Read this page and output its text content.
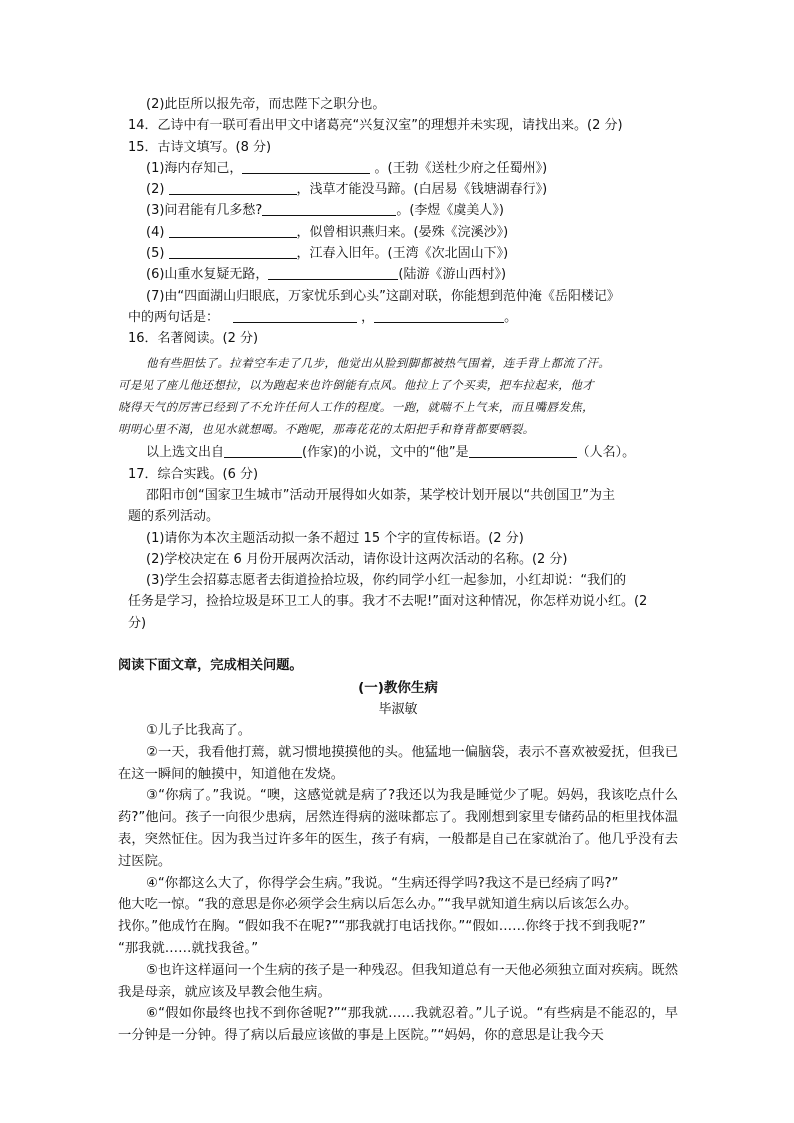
(2)此臣所以报先帝，而忠陛下之职分也。
14．乙诗中有一联可看出甲文中诸葛亮“兴复汉室”的理想并未实现，请找出来。(2 分)
15．古诗文填写。(8 分)
(1)海内存知己，	。(王勃《送杜少府之任蜀州》)
(2)	，浅草才能没马蹄。(白居易《钱塘湖春行》)
(3)问君能有几多愁?	。(李煜《虞美人》)
(4)	，似曾相识燕归来。(晏殊《浣溪沙》)
(5)	，江春入旧年。(王湾《次北固山下》)
(6)山重水复疑无路，	(陆游《游山西村》)
(7)由“四面湖山归眼底，万家忧乐到心头”这副对联，你能想到范仲淹《岳阳楼记》
中的两句话是：	，	。
16．名著阅读。(2 分)
他有些胆怯了。拉着空车走了几步，他觉出从脸到脚都被热气围着，连手背上都流了汗。
可是见了座儿他还想拉，以为跑起来也许倒能有点风。他拉上了个买卖，把车拉起来，他才
晓得天气的厉害已经到了不允许任何人工作的程度。一跑，就喘不上气来，而且嘴唇发焦，
明明心里不渴，也见水就想喝。不跑呢，那毒花花的太阳把手和脊背都要晒裂。
以上选文出自	(作家)的小说，文中的“他”是	（人名）。
17．综合实践。(6 分)
邵阳市创“国家卫生城市”活动开展得如火如荼，某学校计划开展以“共创国卫”为主
题的系列活动。
(1)请你为本次主题活动拟一条不超过 15 个字的宣传标语。(2 分)
(2)学校决定在 6 月份开展两次活动，请你设计这两次活动的名称。(2 分)
(3)学生会招募志愿者去街道捡拾垃圾，你约同学小红一起参加，小红却说：“我们的
任务是学习，捡拾垃圾是环卫工人的事。我才不去呢!”面对这种情况，你怎样劝说小红。(2
分)
阅读下面文章，完成相关问题。
(一)教你生病
毕淑敏
①儿子比我高了。
②一天，我看他打蔫，就习惯地摸摸他的头。他猛地一偏脑袋，表示不喜欢被爱抚，但我已在这一瞬间的触摸中，知道他在发烧。
③“你病了。”我说。“噢，这感觉就是病了?我还以为我是睡觉少了呢。妈妈，我该吃点什么药?”他问。孩子一向很少患病，居然连得病的滋味都忘了。我刚想到家里专储药品的柜里找体温表，突然怔住。因为我当过许多年的医生，孩子有病，一般都是自己在家就治了。他几乎没有去过医院。
④“你都这么大了，你得学会生病。”我说。“生病还得学吗?我这不是已经病了吗?”
他大吃一惊。“我的意思是你必须学会生病以后怎么办。”“我早就知道生病以后该怎么办。
找你。”他成竹在胸。“假如我不在呢?”“那我就打电话找你。”“假如……你终于找不到我呢?”
“那我就……就找我爸。”
⑤也许这样逼问一个生病的孩子是一种残忍。但我知道总有一天他必须独立面对疾病。既然我是母亲，就应该及早教会他生病。
⑥“假如你最终也找不到你爸呢?”“那我就……我就忍着。”儿子说。“有些病是不能忍的，早一分钟是一分钟。得了病以后最应该做的事是上医院。”“妈妈，你的意思是让我今天
